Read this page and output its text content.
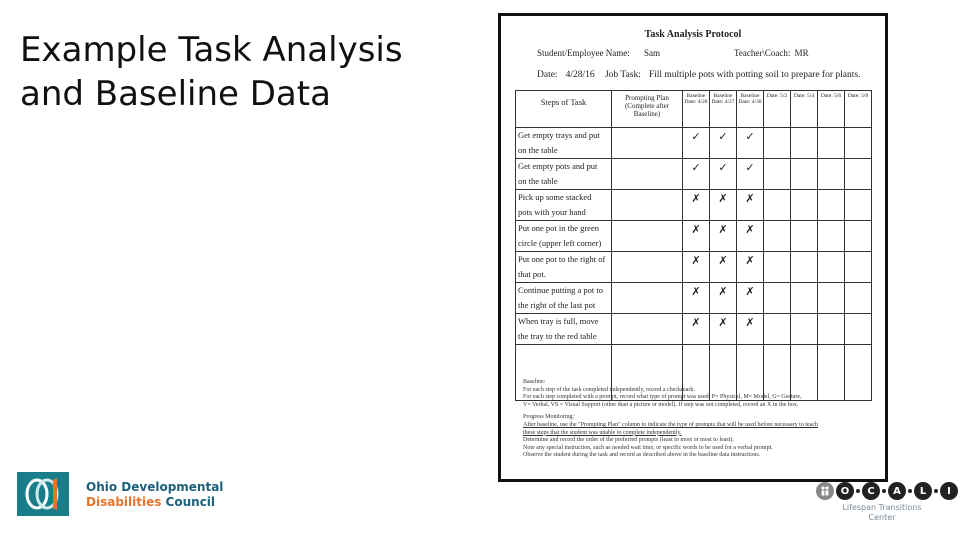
Example Task Analysis
and Baseline Data
Task Analysis Protocol
Student/Employee Name: Sam	Teacher\Coach: MR
Date: 4/28/16 Job Task: Fill multiple pots with potting soil to prepare for plants.
Steps of Task	Prompting Plan (Complete after Baseline)	Baseline Date: 4/28	Baseline Date: 4/27	Baseline Date: 4/30	Date: 5/2	Date: 5/4	Date: 5/6	Date: 5/8

Get empty trays and put
on the table		✓	✓	✓				

Get empty pots and put
on the table		✓	✓	✓				

Pick up some stacked
pots with your hand		✗	✗	✗				

Put one pot in the green
circle (upper left corner)		✗	✗	✗				

Put one pot to the right of
that pot.		✗	✗	✗				

Continue putting a pot to
the right of the last pot		✗	✗	✗				

When tray is full, move
the tray to the red table		✗	✗	✗				

Baseline:
For each step of the task completed independently, record a checkmark.
For each step completed with a prompt, record what type of prompt was used: P= Physical, M= Model, G= Gesture,
V= Verbal, VS = Visual Support (other than a picture or model). If step was not completed, record an X in the box.
Progress Monitoring:
After baseline, use the "Prompting Plan" column to indicate the type of prompts that will be used before necessary to teach
these steps that the student was unable to complete independently.
Determine and record the order of the preferred prompts (least to most or most to least).
Note any special instruction, such as needed wait time, or specific words to be used for a verbal prompt.
Observe the student during the task and record as described above in the baseline data instructions.
Ohio Developmental
Disabilities Council
O	C	A	L	I
Lifespan Transitions
Center
